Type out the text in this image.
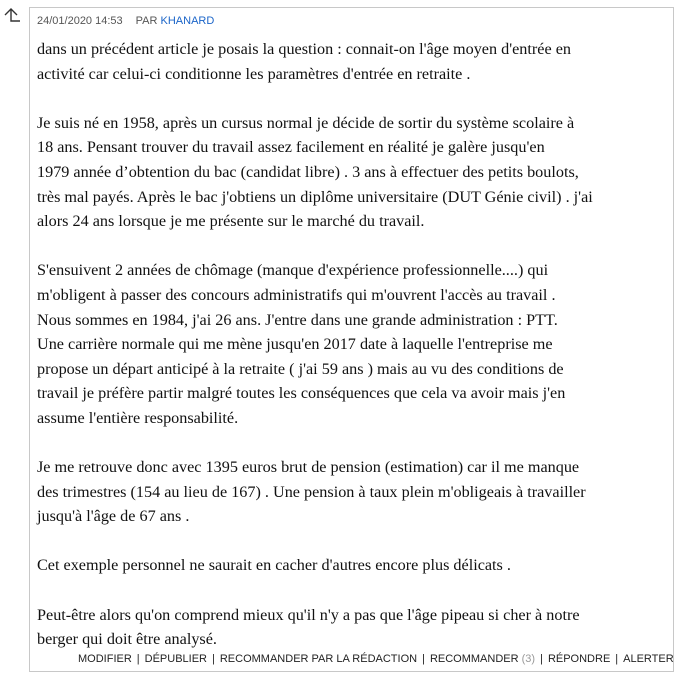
24/01/2020 14:53 PAR KHANARD

dans un précédent article je posais la question : connait-on l'âge moyen d'entrée en
activité car celui-ci conditionne les paramètres d'entrée en retraite .

Je suis né en 1958, après un cursus normal je décide de sortir du système scolaire à
18 ans. Pensant trouver du travail assez facilement en réalité je galère jusqu'en
1979 année d’obtention du bac (candidat libre) . 3 ans à effectuer des petits boulots,
très mal payés. Après le bac j'obtiens un diplôme universitaire (DUT Génie civil) . j'ai
alors 24 ans lorsque je me présente sur le marché du travail.

S'ensuivent 2 années de chômage (manque d'expérience professionnelle....) qui
m'obligent à passer des concours administratifs qui m'ouvrent l'accès au travail .
Nous sommes en 1984, j'ai 26 ans. J'entre dans une grande administration : PTT.
Une carrière normale qui me mène jusqu'en 2017 date à laquelle l'entreprise me
propose un départ anticipé à la retraite ( j'ai 59 ans ) mais au vu des conditions de
travail je préfère partir malgré toutes les conséquences que cela va avoir mais j'en
assume l'entière responsabilité.

Je me retrouve donc avec 1395 euros brut de pension (estimation) car il me manque
des trimestres (154 au lieu de 167) . Une pension à taux plein m'obligeais à travailler
jusqu'à l'âge de 67 ans .

Cet exemple personnel ne saurait en cacher d'autres encore plus délicats .

Peut-être alors qu'on comprend mieux qu'il n'y a pas que l'âge pipeau si cher à notre
berger qui doit être analysé.

MODIFIER | DÉPUBLIER | RECOMMANDER PAR LA RÉDACTION | RECOMMANDER (3) | RÉPONDRE | ALERTER
